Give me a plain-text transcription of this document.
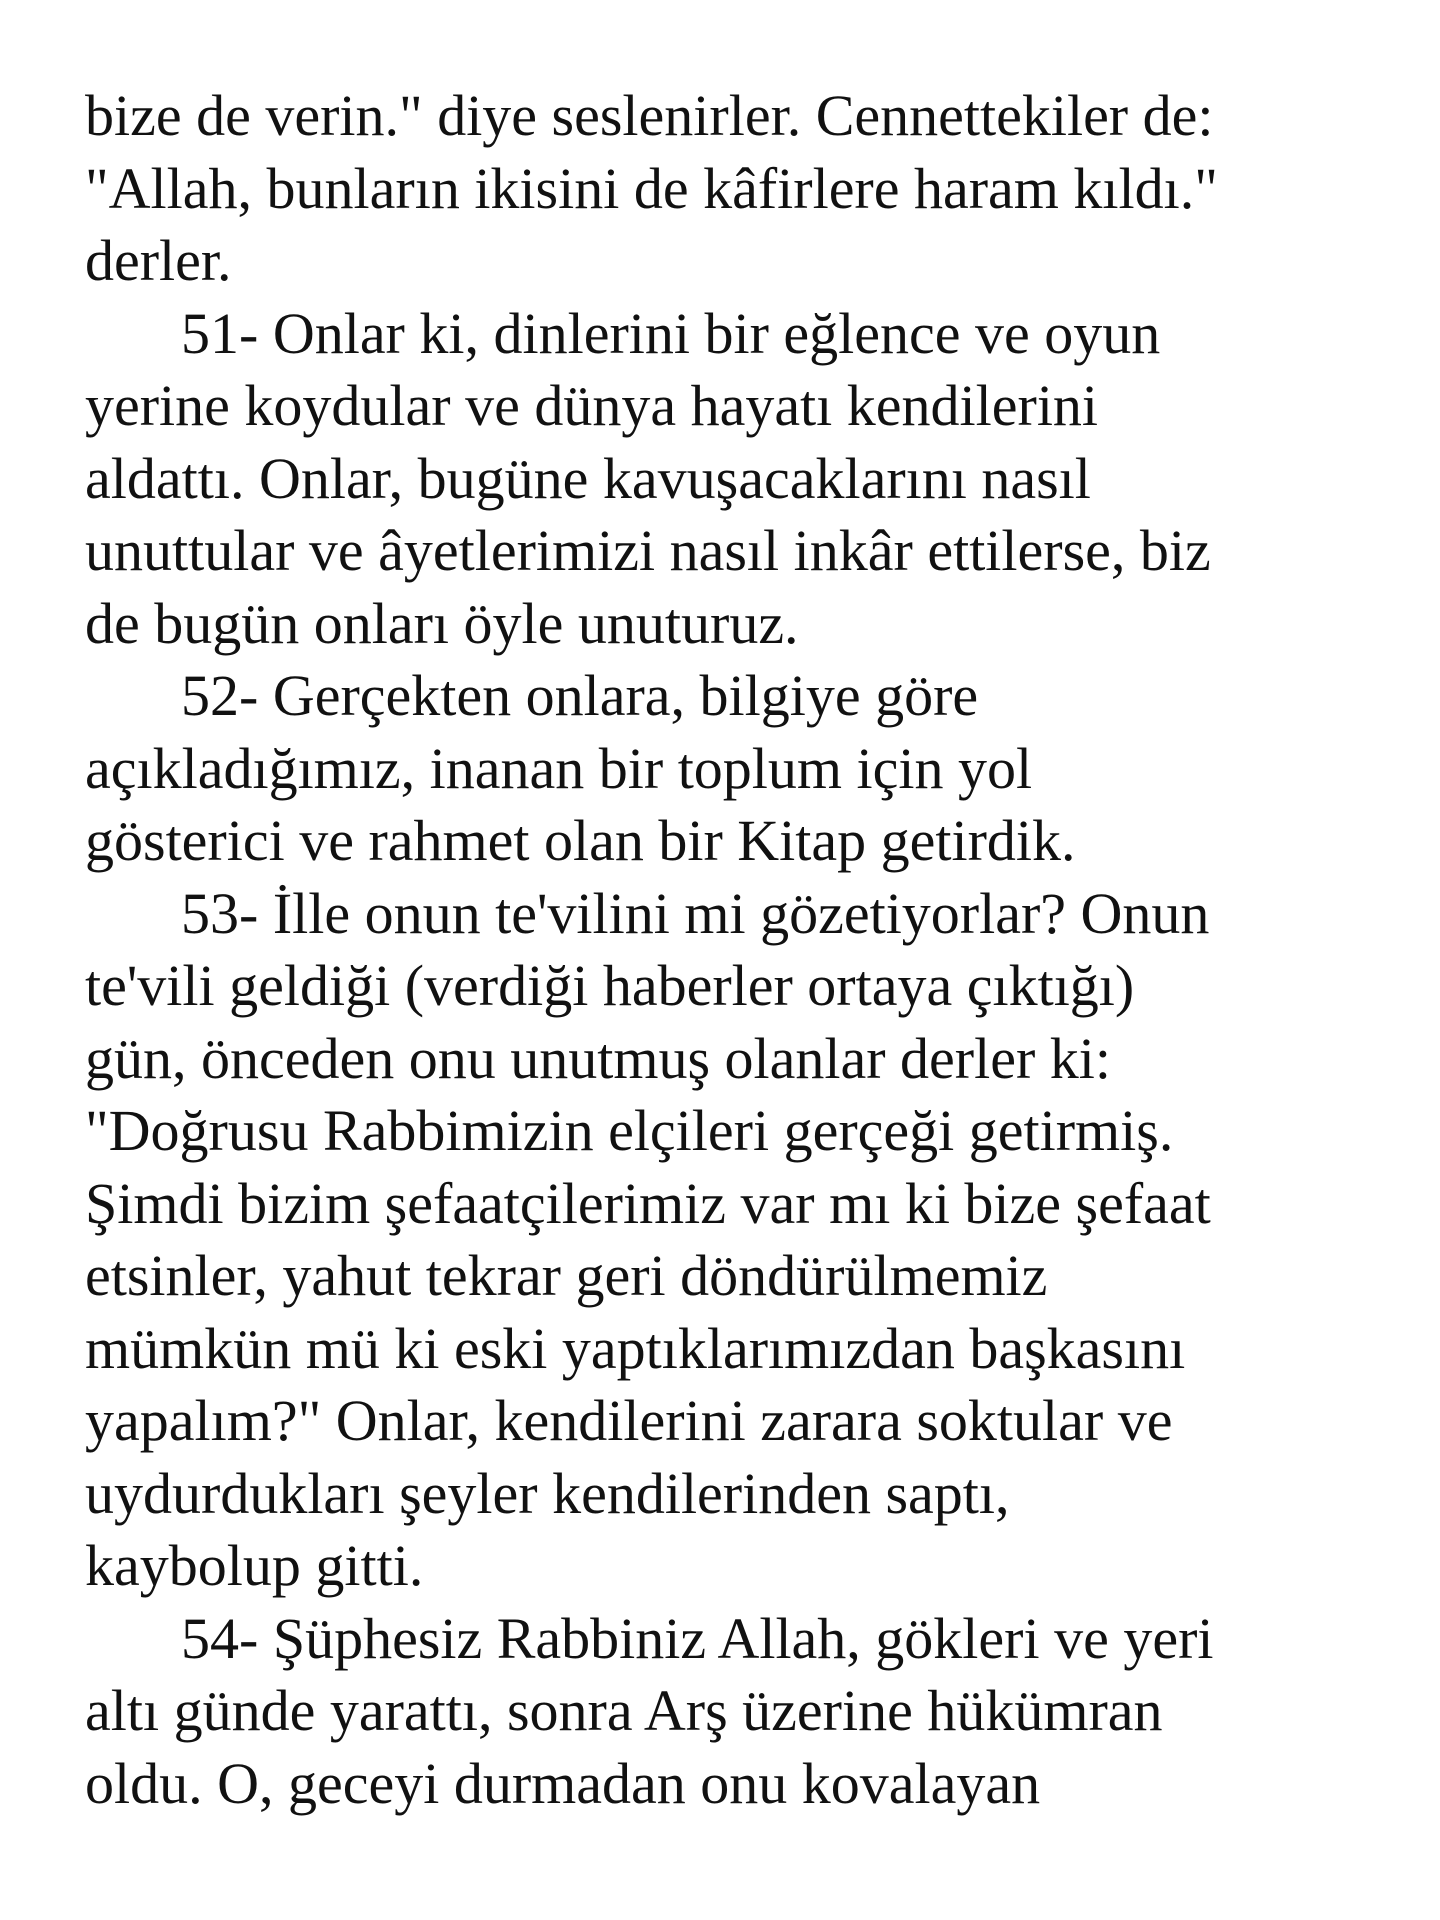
bize de verin." diye seslenirler. Cennettekiler de:
"Allah, bunların ikisini de kâfirlere haram kıldı."
derler.
51- Onlar ki, dinlerini bir eğlence ve oyun
yerine koydular ve dünya hayatı kendilerini
aldattı. Onlar, bugüne kavuşacaklarını nasıl
unuttular ve âyetlerimizi nasıl inkâr ettilerse, biz
de bugün onları öyle unuturuz.
52- Gerçekten onlara, bilgiye göre
açıkladığımız, inanan bir toplum için yol
gösterici ve rahmet olan bir Kitap getirdik.
53- İlle onun te'vilini mi gözetiyorlar? Onun
te'vili geldiği (verdiği haberler ortaya çıktığı)
gün, önceden onu unutmuş olanlar derler ki:
"Doğrusu Rabbimizin elçileri gerçeği getirmiş.
Şimdi bizim şefaatçilerimiz var mı ki bize şefaat
etsinler, yahut tekrar geri döndürülmemiz
mümkün mü ki eski yaptıklarımızdan başkasını
yapalım?" Onlar, kendilerini zarara soktular ve
uydurdukları şeyler kendilerinden saptı,
kaybolup gitti.
54- Şüphesiz Rabbiniz Allah, gökleri ve yeri
altı günde yarattı, sonra Arş üzerine hükümran
oldu. O, geceyi durmadan onu kovalayan
